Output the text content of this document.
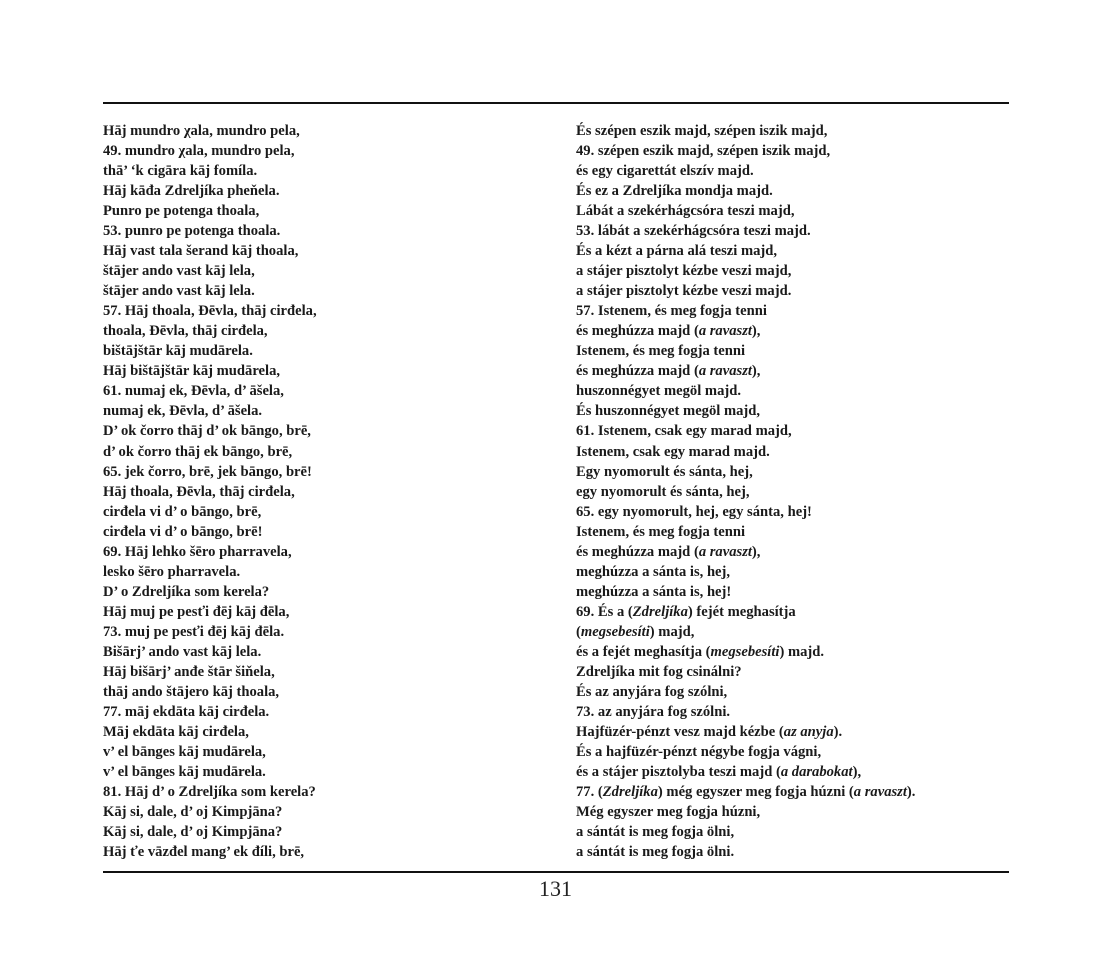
Hāj mundro χala, mundro pela,
49. mundro χala, mundro pela,
thā’ ‘k cigāra kāj fomíla.
Hāj kāđa Zdreljíka pheňela.
Punro pe potenga thoala,
53. punro pe potenga thoala.
Hāj vast tala šerand kāj thoala,
štājer ando vast kāj lela,
štājer ando vast kāj lela.
57. Hāj thoala, Đēvla, thāj cirđela,
thoala, Đēvla, thāj cirđela,
bištājštār kāj mudārela.
Hāj bištājštār kāj mudārela,
61. numaj ek, Đēvla, d’ āšela,
numaj ek, Đēvla, d’ āšela.
D’ ok čorro thāj d’ ok bāngo, brē,
d’ ok čorro thāj ek bāngo, brē,
65. jek čorro, brē, jek bāngo, brē!
Hāj thoala, Đēvla, thāj cirđela,
cirđela vi d’ o bāngo, brē,
cirđela vi d’ o bāngo, brē!
69. Hāj lehko šēro pharravela,
lesko šēro pharravela.
D’ o Zdreljíka som kerela?
Hāj muj pe pesťi đēj kāj đēla,
73. muj pe pesťi đēj kāj đēla.
Bišārj’ ando vast kāj lela.
Hāj bišārj’ anđe štār šiňela,
thāj ando štājero kāj thoala,
77. māj ekdāta kāj cirđela.
Māj ekdāta kāj cirđela,
v’ el bānges kāj mudārela,
v’ el bānges kāj mudārela.
81. Hāj d’ o Zdreljíka som kerela?
Kāj si, dale, d’ oj Kimpjāna?
Kāj si, dale, d’ oj Kimpjāna?
Hāj ťe vāzđel mang’ ek đíli, brē,
És szépen eszik majd, szépen iszik majd,
49. szépen eszik majd, szépen iszik majd,
és egy cigarettát elszív majd.
És ez a Zdreljíka mondja majd.
Lábát a szekérhágcsóra teszi majd,
53. lábát a szekérhágcsóra teszi majd.
És a kézt a párna alá teszi majd,
a stájer pisztolyt kézbe veszi majd,
a stájer pisztolyt kézbe veszi majd.
57. Istenem, és meg fogja tenni
és meghúzza majd (a ravaszt),
Istenem, és meg fogja tenni
és meghúzza majd (a ravaszt),
huszonnégyet megöl majd.
És huszonnégyet megöl majd,
61. Istenem, csak egy marad majd,
Istenem, csak egy marad majd.
Egy nyomorult és sánta, hej,
egy nyomorult és sánta, hej,
65. egy nyomorult, hej, egy sánta, hej!
Istenem, és meg fogja tenni
és meghúzza majd (a ravaszt),
meghúzza a sánta is, hej,
meghúzza a sánta is, hej!
69. És a (Zdreljíka) fejét meghasítja
(megsebesíti) majd,
és a fejét meghasítja (megsebesíti) majd.
Zdreljíka mit fog csinálni?
És az anyjára fog szólni,
73. az anyjára fog szólni.
Hajfüzér-pénzt vesz majd kézbe (az anyja).
És a hajfüzér-pénzt négybe fogja vágni,
és a stájer pisztolyba teszi majd (a darabokat),
77. (Zdreljíka) még egyszer meg fogja húzni (a ravaszt).
Még egyszer meg fogja húzni,
a sántát is meg fogja ölni,
a sántát is meg fogja ölni.
131
